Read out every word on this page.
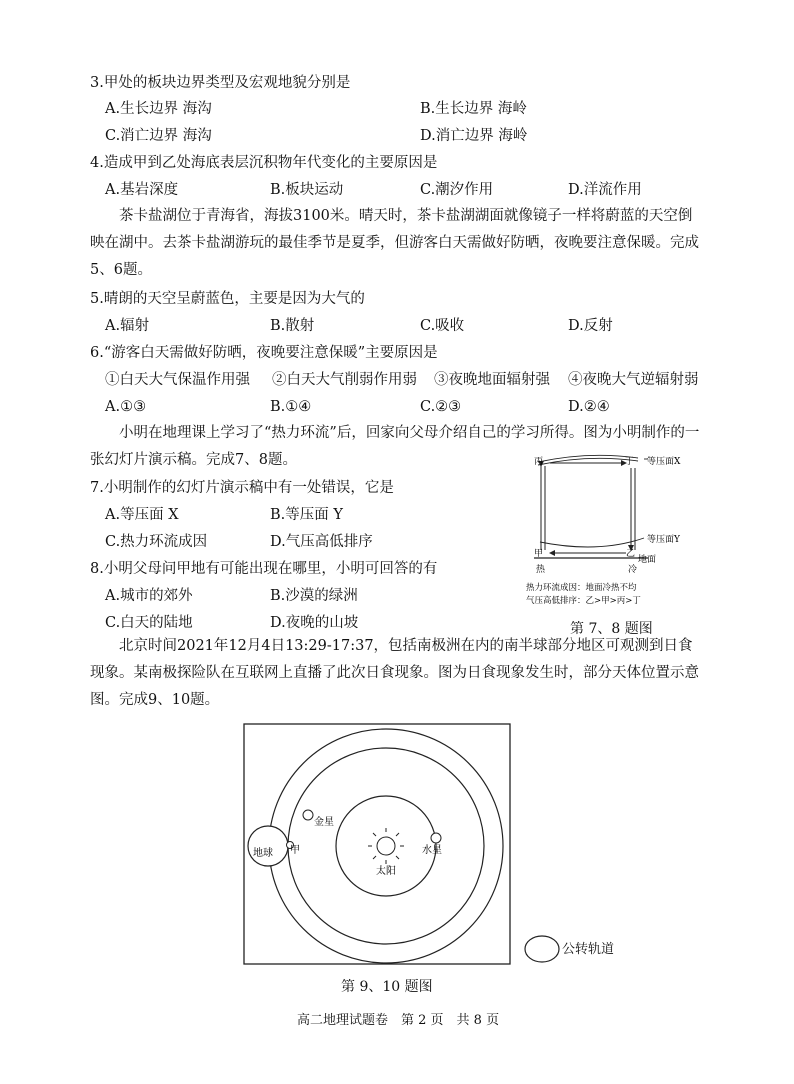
3.甲处的板块边界类型及宏观地貌分别是
A.生长边界 海沟	B.生长边界 海岭
C.消亡边界 海沟	D.消亡边界 海岭
4.造成甲到乙处海底表层沉积物年代变化的主要原因是
A.基岩深度	B.板块运动	C.潮汐作用	D.洋流作用
茶卡盐湖位于青海省，海拔3100米。晴天时，茶卡盐湖湖面就像镜子一样将蔚蓝的天空倒映在湖中。去茶卡盐湖游玩的最佳季节是夏季，但游客白天需做好防晒，夜晚要注意保暖。完成5、6题。
5.晴朗的天空呈蔚蓝色，主要是因为大气的
A.辐射	B.散射	C.吸收	D.反射
6.“游客白天需做好防晒，夜晚要注意保暖”主要原因是
①白天大气保温作用强 ②白天大气削弱作用弱 ③夜晚地面辐射强 ④夜晚大气逆辐射弱
A.①③	B.①④	C.②③	D.②④
小明在地理课上学习了“热力环流”后，回家向父母介绍自己的学习所得。图为小明制作的一张幻灯片演示稿。完成7、8题。
7.小明制作的幻灯片演示稿中有一处错误，它是
A.等压面 X	B.等压面 Y
C.热力环流成因	D.气压高低排序
8.小明父母问甲地有可能出现在哪里，小明可回答的有
A.城市的郊外	B.沙漠的绿洲
C.白天的陆地	D.夜晚的山坡
丙	丁 等压面X
等压面Y
甲	乙
地面
热	冷
热力环流成因：地面冷热不均
气压高低排序：乙>甲>丙>丁
第 7、8 题图
北京时间2021年12月4日13:29-17:37，包括南极洲在内的南半球部分地区可观测到日食现象。某南极探险队在互联网上直播了此次日食现象。图为日食现象发生时，部分天体位置示意图。完成9、10题。
太阳
水星
金星
地球 甲
公转轨道
第 9、10 题图
高二地理试题卷　第 2 页　共 8 页
